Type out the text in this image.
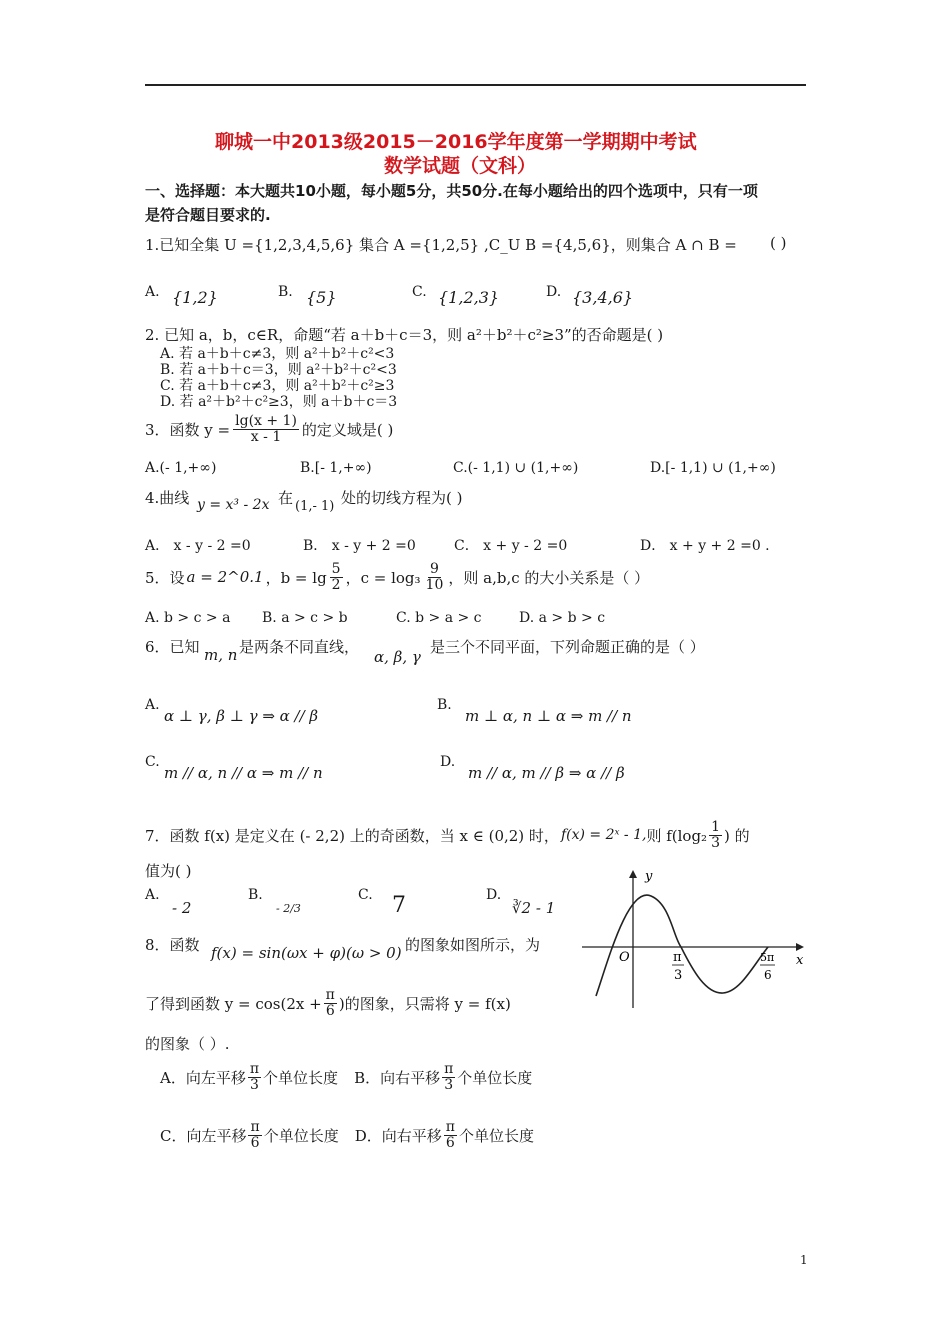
聊城一中2013级2015－2016学年度第一学期期中考试
数学试题（文科）
一、选择题：本大题共10小题，每小题5分，共50分.在每小题给出的四个选项中，只有一项
是符合题目要求的.
1.已知全集 U ={1,2,3,4,5,6} 集合 A ={1,2,5} ,C_U B ={4,5,6}，则集合 A ∩ B = ( )
A. {1,2}	B. {5}	C. {1,2,3}	D. {3,4,6}
2. 已知 a，b，c∈R，命题“若 a＋b＋c＝3，则 a²＋b²＋c²≥3”的否命题是( )
A. 若 a＋b＋c≠3，则 a²＋b²＋c²<3
B. 若 a＋b＋c＝3，则 a²＋b²＋c²<3
C. 若 a＋b＋c≠3，则 a²＋b²＋c²≥3
D. 若 a²＋b²＋c²≥3，则 a＋b＋c＝3
3．函数 $y = \frac{\lg(x + 1)}{x - 1}$ 的定义域是( )
A.(- 1,+∞)	B.[- 1,+∞)	C.(- 1,1) ∪ (1,+∞)	D.[- 1,1) ∪ (1,+∞)
4.曲线 y = x³ - 2x 在 (1,- 1) 处的切线方程为( )
A． x - y - 2 =0	B． x - y + 2 =0	C． x + y - 2 =0	D． x + y + 2 =0 .
5．设 a = 2^0.1 ，$b = \lg \frac{5}{2}$ ，$c = \log_3 \frac{9}{10}$ ，则 a,b,c 的大小关系是（ ）
A. b > c > a B. a > c > b	C. b > a > c	D. a > b > c
6．已知 m, n 是两条不同直线，
α, β, γ
是三个不同平面，下列命题正确的是（ ）
A.
α ⊥ γ, β ⊥ γ ⇒ α // β
B.
m ⊥ α, n ⊥ α ⇒ m // n
C.
m // α, n // α ⇒ m // n
D.
m // α, m // β ⇒ α // β
7．函数 f(x) 是定义在 (- 2,2) 上的奇函数，当 x ∈ (0,2) 时， f(x) = 2ˣ - 1, 则 $f(\log_2 \frac{1}{3}$ ) 的
值为( )
A.
- 2
B.
- 2/3
C. 7	D.
∛2 - 1
8．函数 f(x) = sin(ωx + φ)(ω > 0) 的图象如图所示，为
了得到函数 $y = \cos(2x + \frac{\pi}{6}$ )的图象，只需将 y = f(x)
的图象（ ）.
A．向左平移 $\frac{\pi}{3}$ 个单位长度 B．向右平移 $\frac{\pi}{3}$ 个单位长度
C．向左平移 $\frac{\pi}{6}$ 个单位长度 D．向右平移 $\frac{\pi}{6}$ 个单位长度
y
x
O	π
3
5π
6
1
